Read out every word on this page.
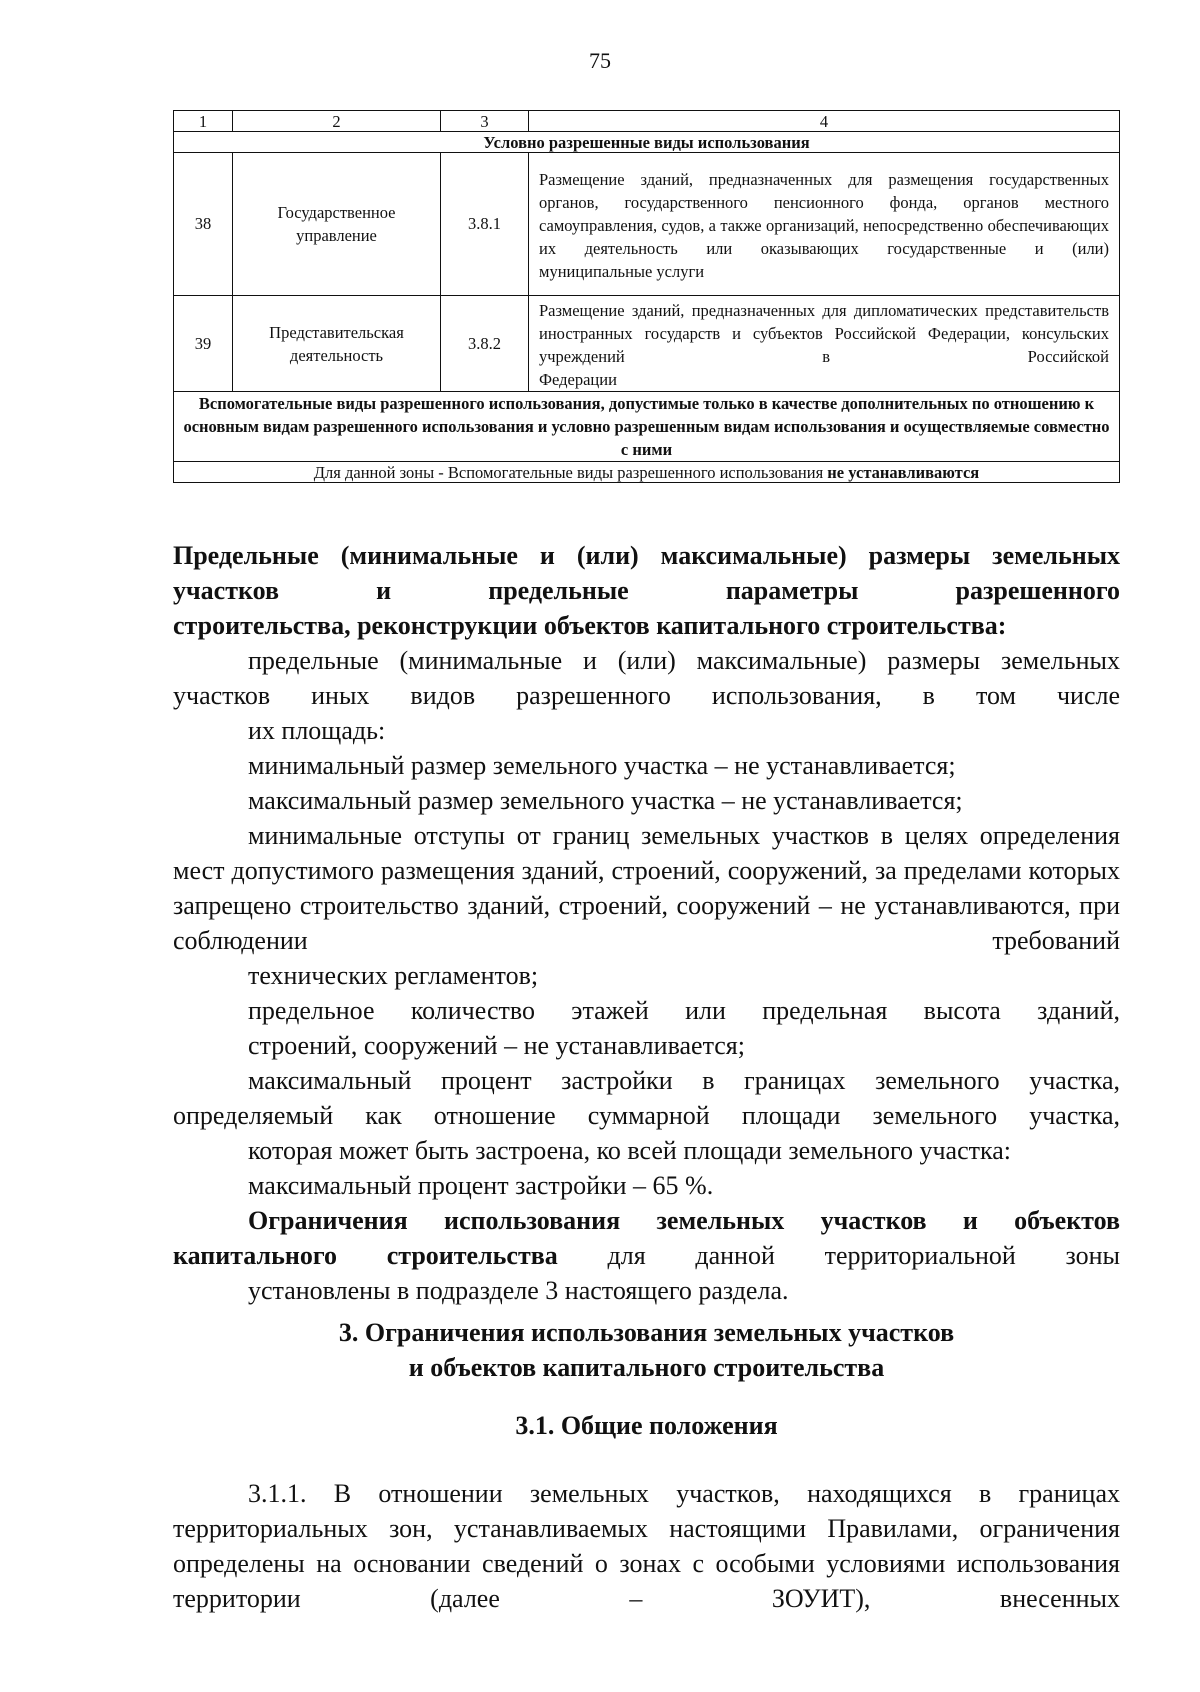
75
1	2	3	4
Условно разрешенные виды использования			
38	Государственное управление	3.8.1	Размещение зданий, предназначенных для размещения государственных органов, государственного пенсионного фонда, органов местного самоуправления, судов, а также организаций, непосредственно обеспечивающих их деятельность или оказывающих государственные и (или)
муниципальные услуги

39	Представительская деятельность	3.8.2	Размещение зданий, предназначенных для дипломатических представительств иностранных государств и субъектов Российской Федерации, консульских учреждений в Российской
Федерации

Вспомогательные виды разрешенного использования, допустимые только в качестве дополнительных по отношению к основным видам разрешенного использования и условно разрешенным видам использования и осуществляемые совместно с ними			
Для данной зоны - Вспомогательные виды разрешенного использования не устанавливаются			

Предельные (минимальные и (или) максимальные) размеры земельных участков и предельные параметры разрешенного
строительства, реконструкции объектов капитального строительства:

предельные (минимальные и (или) максимальные) размеры земельных участков иных видов разрешенного использования, в том числе
их площадь:

минимальный размер земельного участка – не устанавливается;

максимальный размер земельного участка – не устанавливается;

минимальные отступы от границ земельных участков в целях определения мест допустимого размещения зданий, строений, сооружений, за пределами которых запрещено строительство зданий, строений, сооружений – не устанавливаются, при соблюдении требований
технических регламентов;

предельное количество этажей или предельная высота зданий,
строений, сооружений – не устанавливается;

максимальный процент застройки в границах земельного участка, определяемый как отношение суммарной площади земельного участка,
которая может быть застроена, ко всей площади земельного участка:

максимальный процент застройки – 65 %.

Ограничения использования земельных участков и объектов капитального строительства для данной территориальной зоны
установлены в подразделе 3 настоящего раздела.

3. Ограничения использования земельных участков

и объектов капитального строительства

3.1. Общие положения

3.1.1. В отношении земельных участков, находящихся в границах территориальных зон, устанавливаемых настоящими Правилами, ограничения определены на основании сведений о зонах с особыми условиями использования территории (далее – ЗОУИТ), внесенных
